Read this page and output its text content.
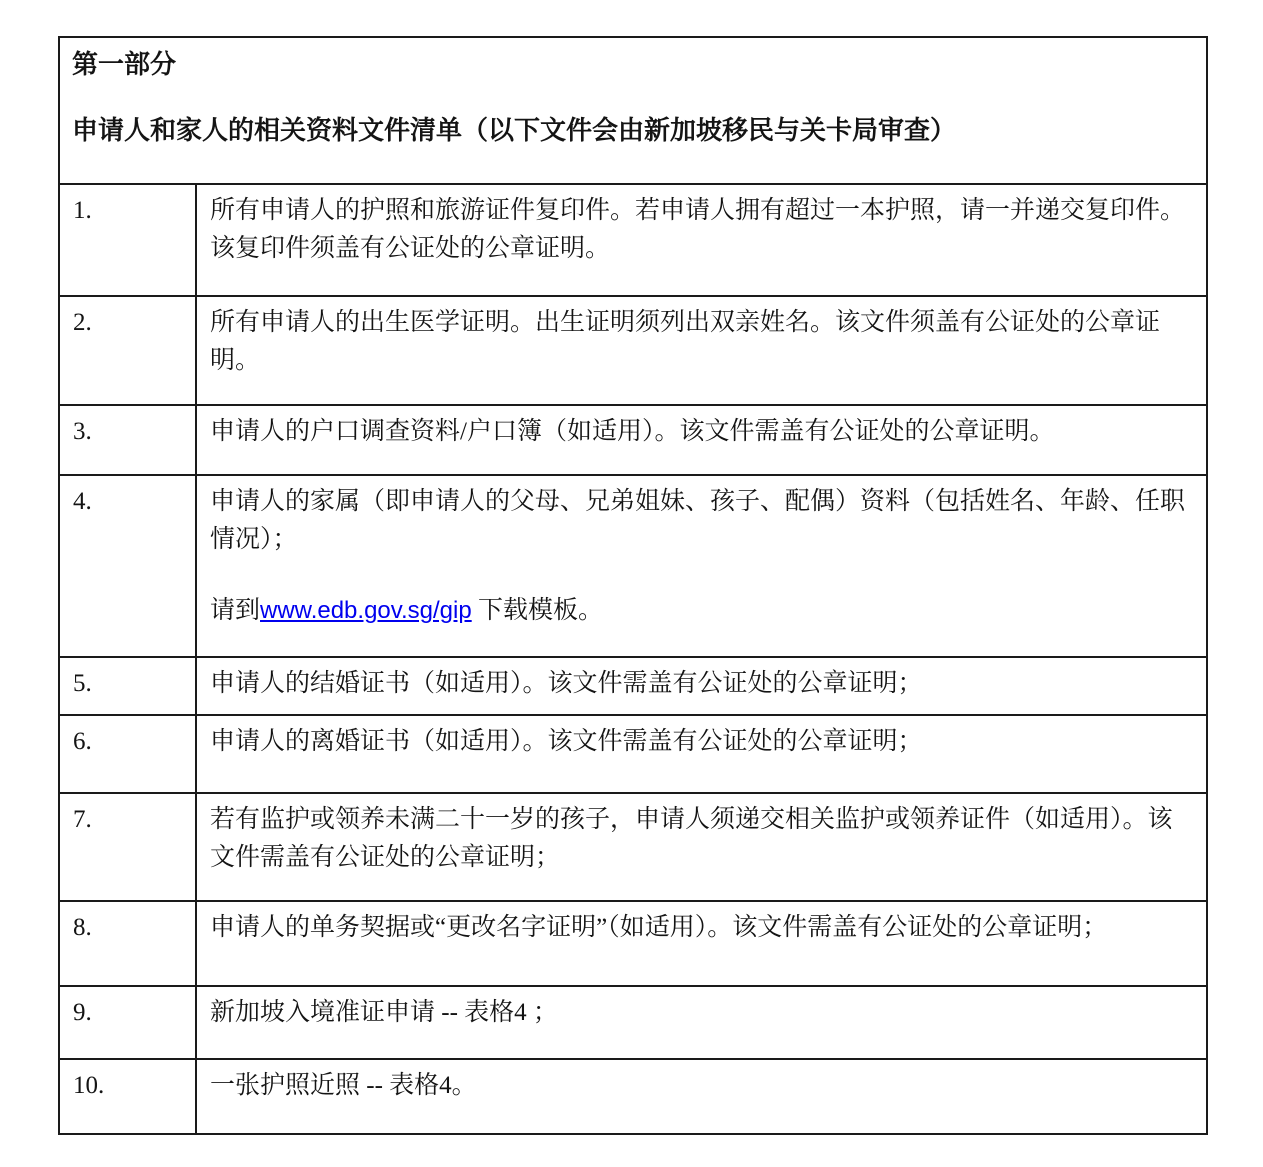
第一部分

申请人和家人的相关资料文件清单（以下文件会由新加坡移民与关卡局审查）

1.	所有申请人的护照和旅游证件复印件。若申请人拥有超过一本护照，请一并递交复印件。该复印件须盖有公证处的公章证明。

2.	所有申请人的出生医学证明。出生证明须列出双亲姓名。该文件须盖有公证处的公章证明。

3.	申请人的户口调查资料/户口簿（如适用）。该文件需盖有公证处的公章证明。

4.	申请人的家属（即申请人的父母、兄弟姐妹、孩子、配偶）资料（包括姓名、年龄、任职情况）；

请到www.edb.gov.sg/gip 下载模板。

5.	申请人的结婚证书（如适用）。该文件需盖有公证处的公章证明；

6.	申请人的离婚证书（如适用）。该文件需盖有公证处的公章证明；

7.	若有监护或领养未满二十一岁的孩子，申请人须递交相关监护或领养证件（如适用）。该文件需盖有公证处的公章证明；

8.	申请人的单务契据或“更改名字证明”（如适用）。该文件需盖有公证处的公章证明；

9.	新加坡入境准证申请 -- 表格4 ；

10.	一张护照近照 -- 表格4。
